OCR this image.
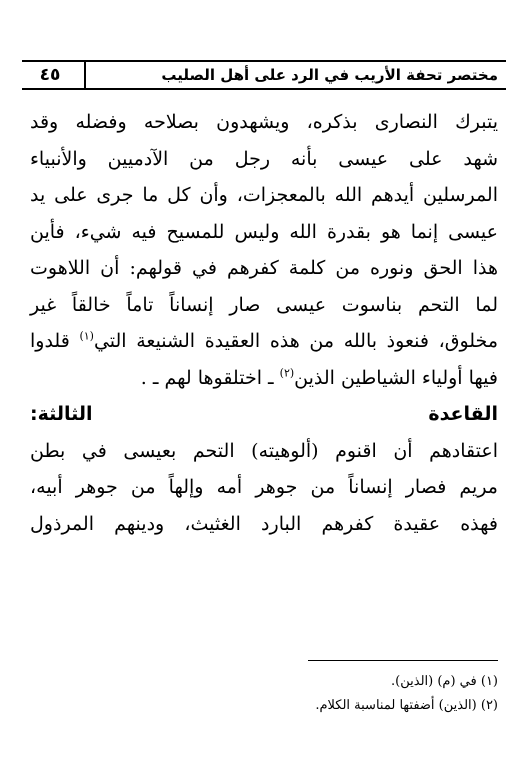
مختصر تحفة الأريب في الرد على أهل الصليب
٤٥
يتبرك النصارى بذكره، ويشهدون بصلاحه وفضله وقد
شهد على عيسى بأنه رجل من الآدميين والأنبياء
المرسلين أيدهم الله بالمعجزات، وأن كل ما جرى على يد
عيسى إنما هو بقدرة الله وليس للمسيح فيه شيء، فأين
هذا الحق ونوره من كلمة كفرهم في قولهم: أن اللاهوت
لما التحم بناسوت عيسى صار إنساناً تاماً خالقاً غير
مخلوق، فنعوذ بالله من هذه العقيدة الشنيعة التي$^{(١)}$ قلدوا
فيها أولياء الشياطين الذين$^{(٢)}$ ـ اختلقوها لهم ـ .
القاعدة الثالثة:
اعتقادهم أن اقنوم (ألوهيته) التحم بعيسى في بطن
مريم فصار إنساناً من جوهر أمه وإلهاً من جوهر أبيه،
فهذه عقيدة كفرهم البارد الغثيث، ودينهم المرذول
(١) في (م) (الذين).
(٢) (الذين) أضفتها لمناسبة الكلام.
